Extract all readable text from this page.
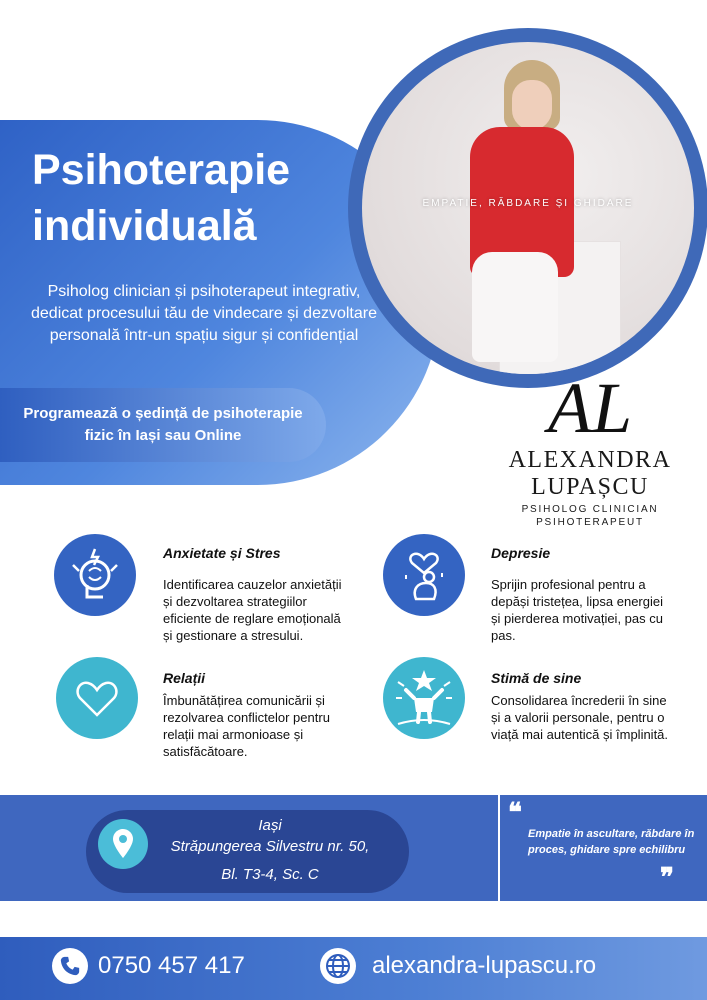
Psihoterapie
individuală
Psiholog clinician și psihoterapeut integrativ, dedicat procesului tău de vindecare și dezvoltare personală într-un spațiu sigur și confidențial
Programează o ședință de psihoterapie fizic în Iași sau Online
EMPATIE, RĂBDARE ȘI GHIDARE
AL
ALEXANDRA
LUPAȘCU
PSIHOLOG CLINICIAN
PSIHOTERAPEUT
Anxietate și Stres
Identificarea cauzelor anxietății și dezvoltarea strategiilor eficiente de reglare emoțională și gestionare a stresului.
Depresie
Sprijin profesional pentru a depăși tristețea, lipsa energiei și pierderea motivației, pas cu pas.
Relații
Îmbunătățirea comunicării și rezolvarea conflictelor pentru relații mai armonioase și satisfăcătoare.
Stimă de sine
Consolidarea încrederii în sine și a valorii personale, pentru o viață mai autentică și împlinită.
Iași
Străpungerea Silvestru nr. 50,
Bl. T3-4, Sc. C
❝
Empatie în ascultare, răbdare în proces, ghidare spre echilibru
❞
0750 457 417	alexandra-lupascu.ro
